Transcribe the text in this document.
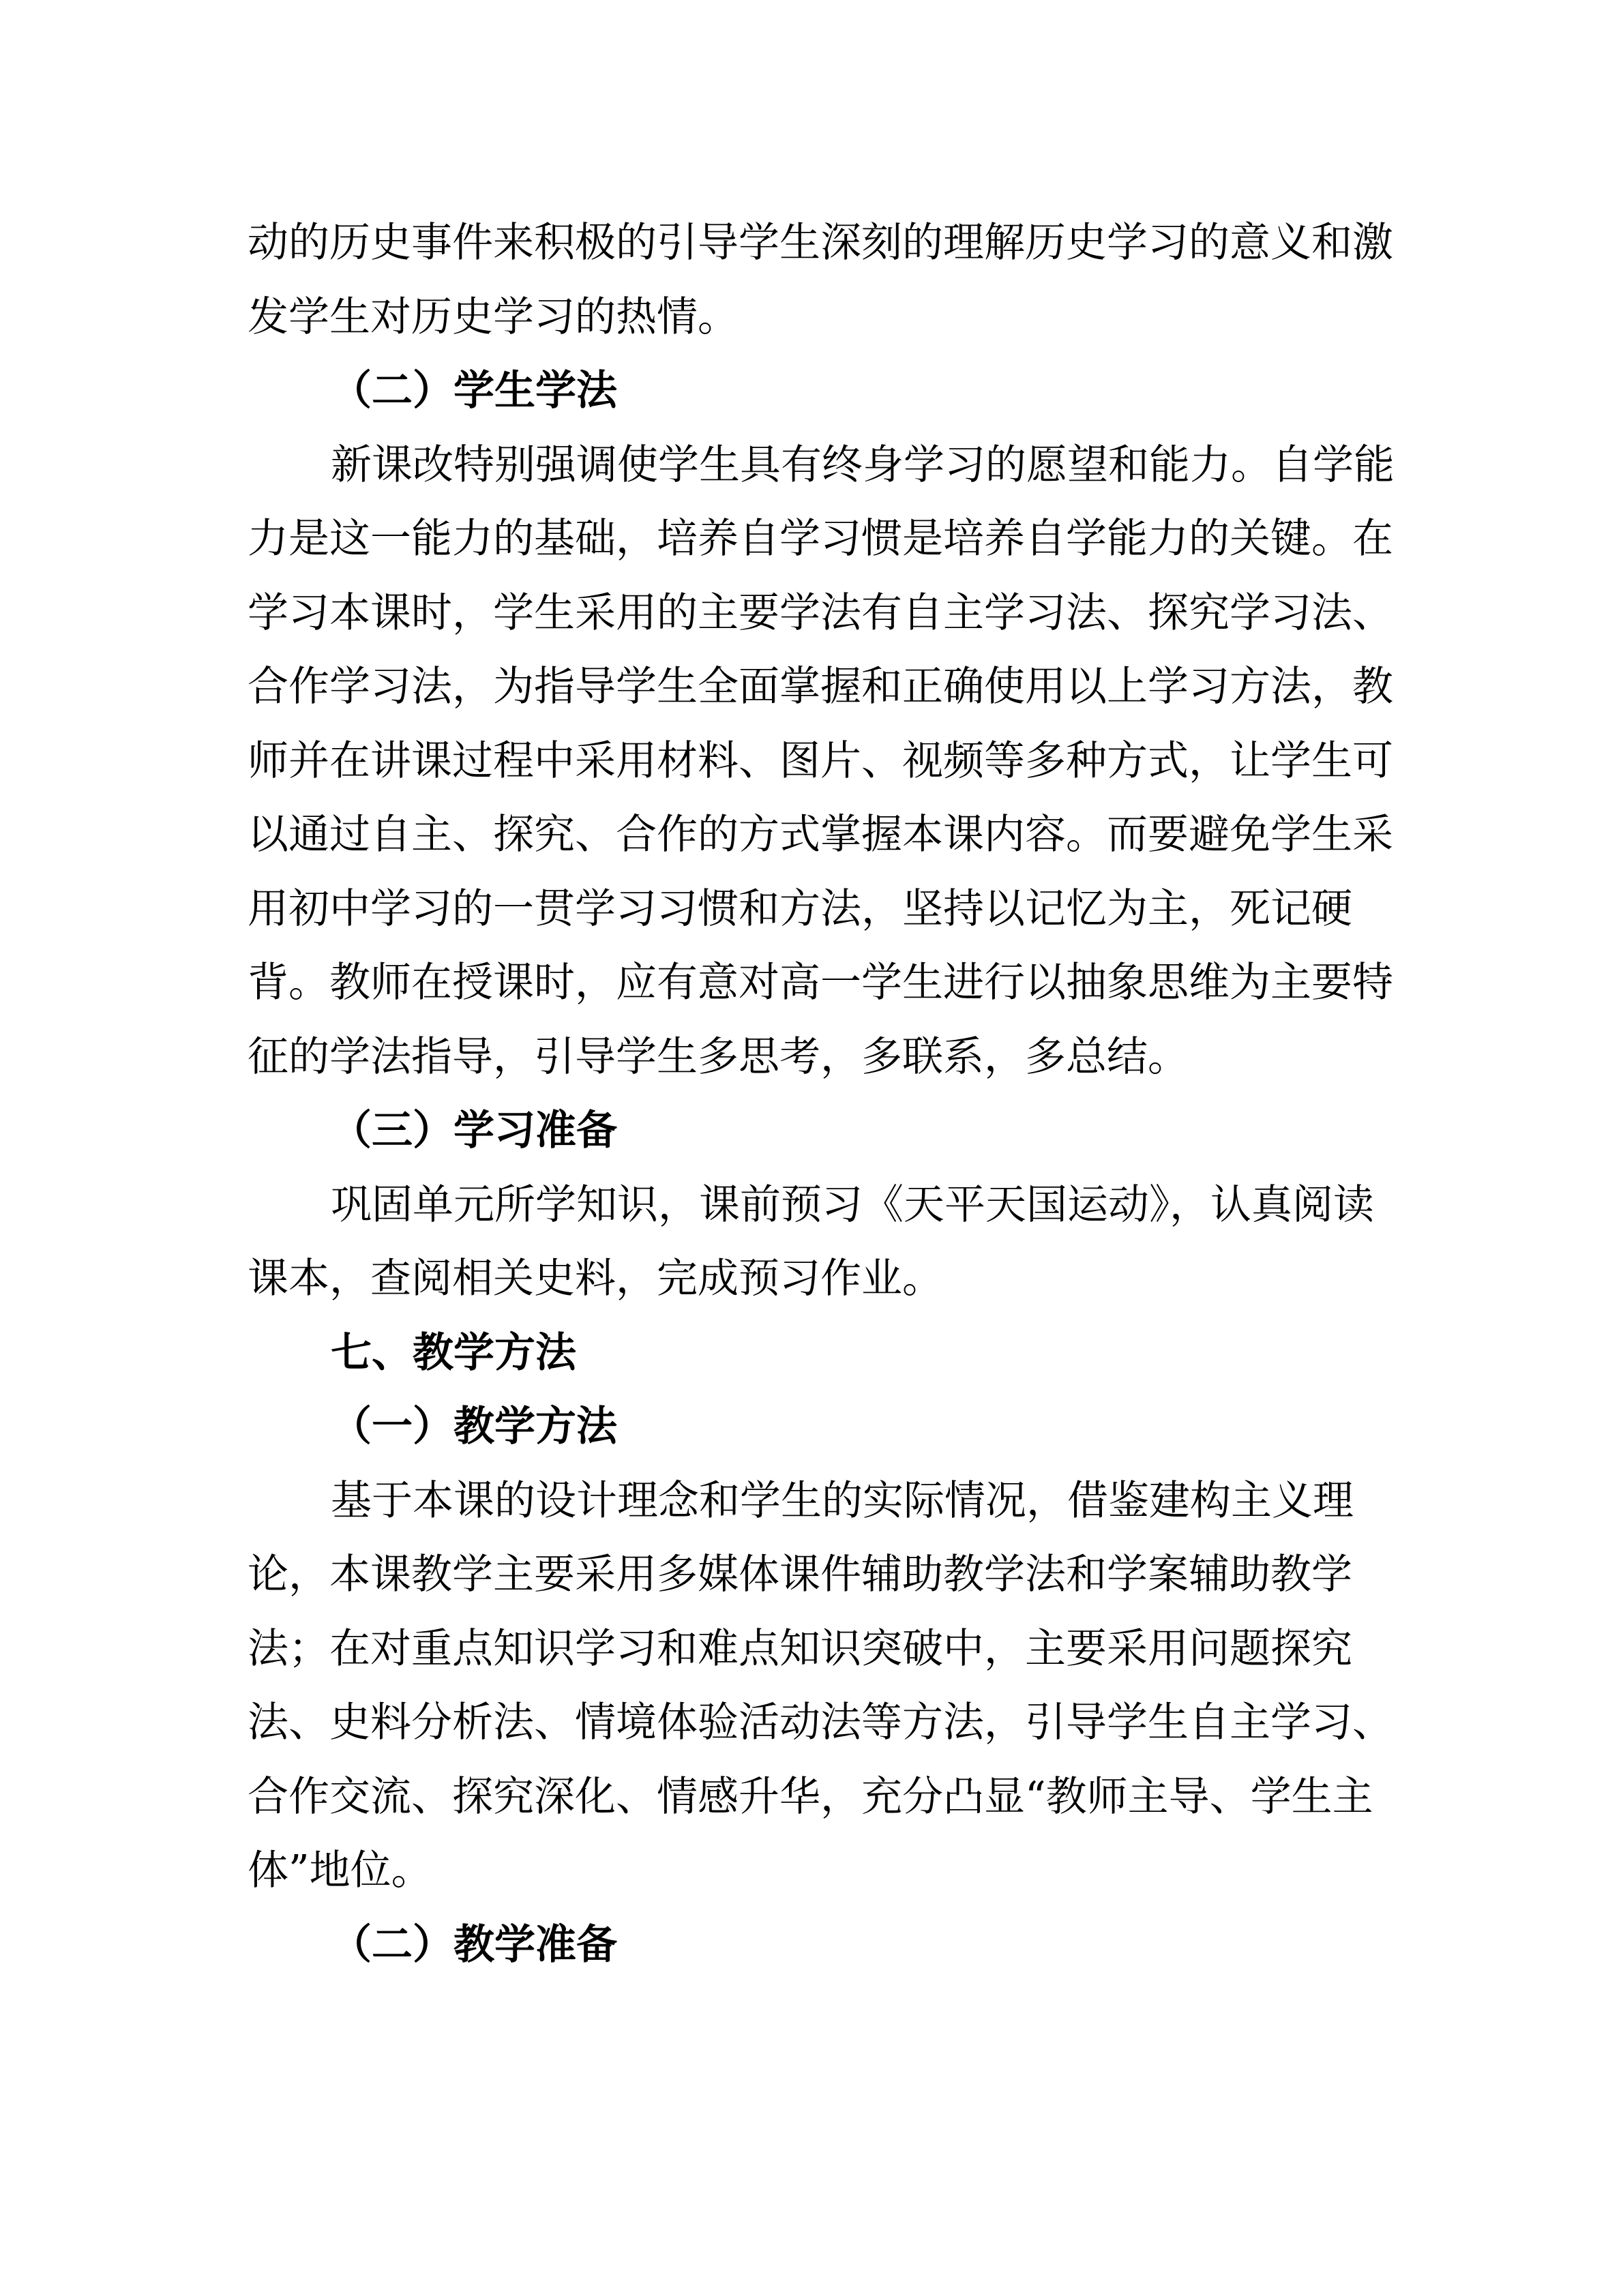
动的历史事件来积极的引导学生深刻的理解历史学习的意义和激
发学生对历史学习的热情。
（二）学生学法
新课改特别强调使学生具有终身学习的愿望和能力。自学能
力是这一能力的基础，培养自学习惯是培养自学能力的关键。在
学习本课时，学生采用的主要学法有自主学习法、探究学习法、
合作学习法，为指导学生全面掌握和正确使用以上学习方法，教
师并在讲课过程中采用材料、图片、视频等多种方式，让学生可
以通过自主、探究、合作的方式掌握本课内容。而要避免学生采
用初中学习的一贯学习习惯和方法，坚持以记忆为主，死记硬
背。教师在授课时，应有意对高一学生进行以抽象思维为主要特
征的学法指导，引导学生多思考，多联系，多总结。
（三）学习准备
巩固单元所学知识，课前预习《天平天国运动》，认真阅读
课本，查阅相关史料，完成预习作业。
七、教学方法
（一）教学方法
基于本课的设计理念和学生的实际情况，借鉴建构主义理
论，本课教学主要采用多媒体课件辅助教学法和学案辅助教学
法；在对重点知识学习和难点知识突破中，主要采用问题探究
法、史料分析法、情境体验活动法等方法，引导学生自主学习、
合作交流、探究深化、情感升华，充分凸显“教师主导、学生主
体”地位。
（二）教学准备
